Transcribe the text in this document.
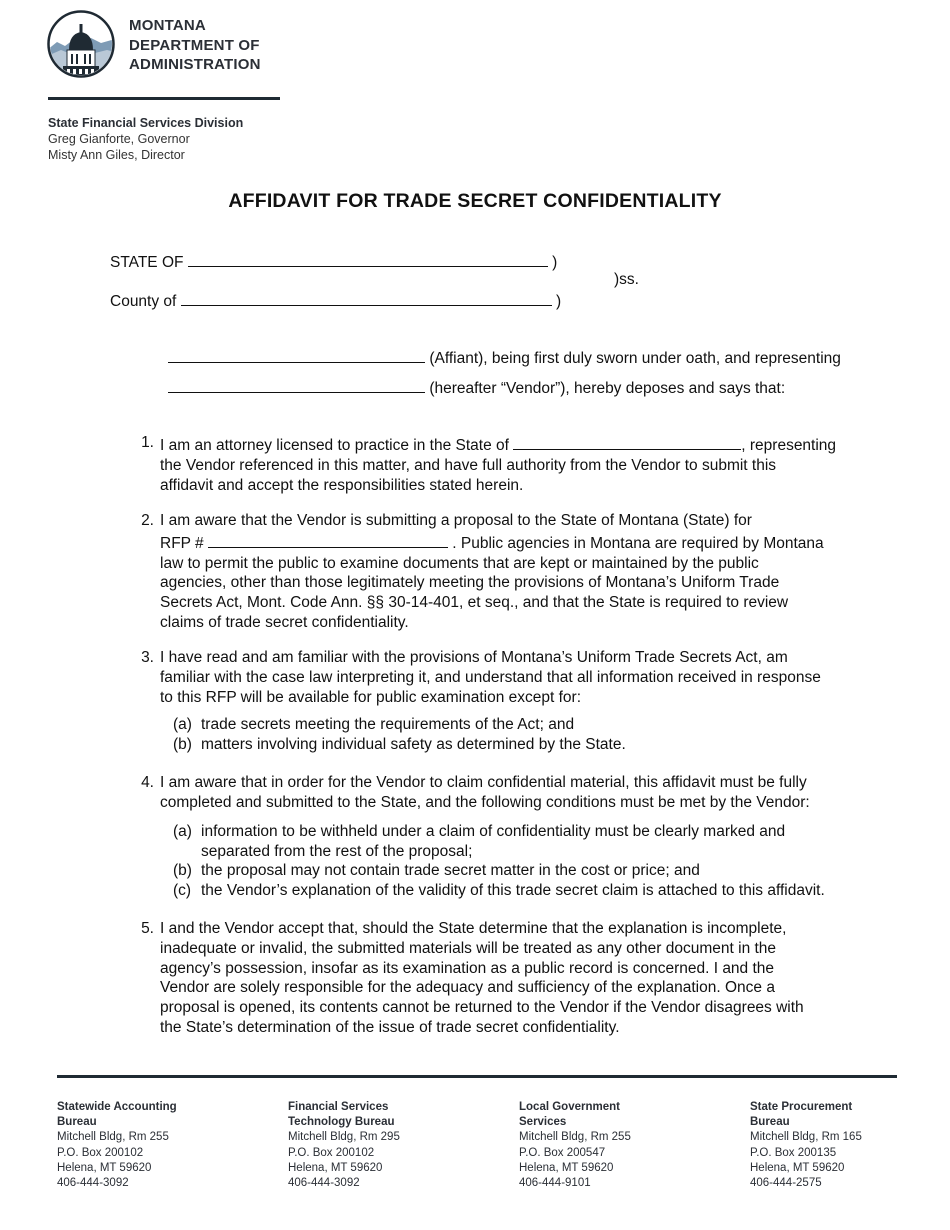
MONTANA
DEPARTMENT OF
ADMINISTRATION
State Financial Services Division
Greg Gianforte, Governor
Misty Ann Giles, Director
AFFIDAVIT FOR TRADE SECRET CONFIDENTIALITY
STATE OF	)
)ss.
County of	)
(Affiant), being first duly sworn under oath, and representing
(hereafter “Vendor”), hereby deposes and says that:
1. I am an attorney licensed to practice in the State of	, representing
the Vendor referenced in this matter, and have full authority from the Vendor to submit this
affidavit and accept the responsibilities stated herein.
2. I am aware that the Vendor is submitting a proposal to the State of Montana (State) for
RFP #	. Public agencies in Montana are required by Montana
law to permit the public to examine documents that are kept or maintained by the public
agencies, other than those legitimately meeting the provisions of Montana’s Uniform Trade
Secrets Act, Mont. Code Ann. §§ 30-14-401, et seq., and that the State is required to review
claims of trade secret confidentiality.
3. I have read and am familiar with the provisions of Montana’s Uniform Trade Secrets Act, am
familiar with the case law interpreting it, and understand that all information received in response
to this RFP will be available for public examination except for:
(a) trade secrets meeting the requirements of the Act; and
(b) matters involving individual safety as determined by the State.
4. I am aware that in order for the Vendor to claim confidential material, this affidavit must be fully
completed and submitted to the State, and the following conditions must be met by the Vendor:
(a) information to be withheld under a claim of confidentiality must be clearly marked and
separated from the rest of the proposal;
(b) the proposal may not contain trade secret matter in the cost or price; and
(c) the Vendor’s explanation of the validity of this trade secret claim is attached to this affidavit.
5. I and the Vendor accept that, should the State determine that the explanation is incomplete,
inadequate or invalid, the submitted materials will be treated as any other document in the
agency’s possession, insofar as its examination as a public record is concerned. I and the
Vendor are solely responsible for the adequacy and sufficiency of the explanation. Once a
proposal is opened, its contents cannot be returned to the Vendor if the Vendor disagrees with
the State’s determination of the issue of trade secret confidentiality.
Statewide Accounting
Bureau
Mitchell Bldg, Rm 255
P.O. Box 200102
Helena, MT 59620
406-444-3092
Financial Services
Technology Bureau
Mitchell Bldg, Rm 295
P.O. Box 200102
Helena, MT 59620
406-444-3092
Local Government
Services
Mitchell Bldg, Rm 255
P.O. Box 200547
Helena, MT 59620
406-444-9101
State Procurement
Bureau
Mitchell Bldg, Rm 165
P.O. Box 200135
Helena, MT 59620
406-444-2575
